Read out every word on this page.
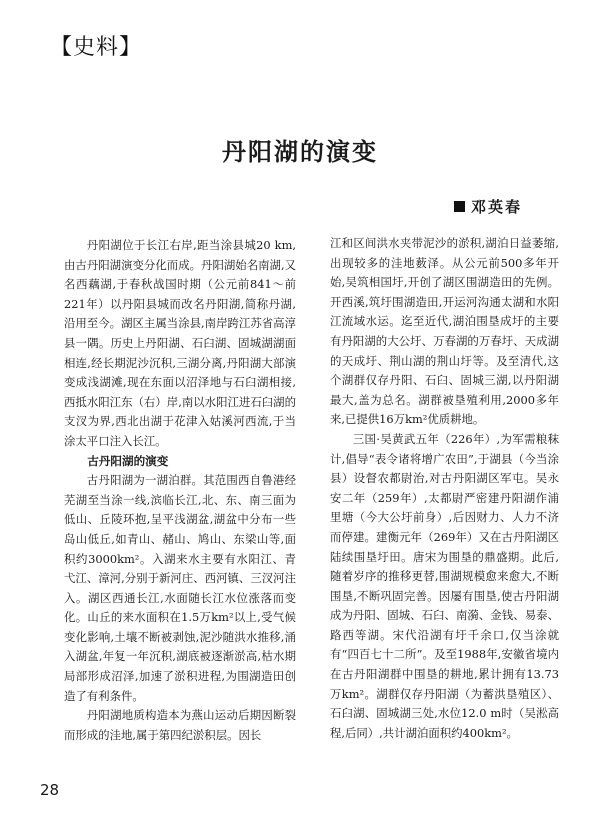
【史料】
丹阳湖的演变
邓英春

丹阳湖位于长江右岸,距当涂县城20 km,由古丹阳湖演变分化而成。丹阳湖始名南湖,又名西藕湖,于春秋战国时期（公元前841～前221年）以丹阳县城而改名丹阳湖,简称丹湖,沿用至今。湖区主属当涂县,南岸跨江苏省高淳县一隅。历史上丹阳湖、石臼湖、固城湖湖面相连,经长期泥沙沉积,三湖分离,丹阳湖大部演变成浅湖滩,现在东面以沼泽地与石臼湖相接,西抵水阳江东（右）岸,南以水阳江进石臼湖的支汊为界,西北出湖于花津入姑溪河西流,于当涂太平口注入长江。

古丹阳湖的演变

古丹阳湖为一湖泊群。其范围西自鲁港经芜湖至当涂一线,滨临长江,北、东、南三面为低山、丘陵环抱,呈平浅湖盆,湖盆中分布一些岛山低丘,如青山、赭山、鸠山、东梁山等,面积约3000km²。入湖来水主要有水阳江、青弋江、漳河,分别于新河庄、西河镇、三汊河注入。湖区西通长江,水面随长江水位涨落而变化。山丘的来水面积在1.5万km²以上,受气候变化影响,土壤不断被剥蚀,泥沙随洪水推移,涌入湖盆,年复一年沉积,湖底被逐渐淤高,枯水期局部形成沼泽,加速了淤积进程,为围湖造田创造了有利条件。

丹阳湖地质构造本为燕山运动后期因断裂而形成的洼地,属于第四纪淤积层。因长

江和区间洪水夹带泥沙的淤积,湖泊日益萎缩,出现较多的洼地薮泽。从公元前500多年开始,吴筑相国圩,开创了湖区围湖造田的先例。开西溪,筑圩围湖造田,开运河沟通太湖和水阳江流域水运。迄至近代,湖泊围垦成圩的主要有丹阳湖的大公圩、万春湖的万春圩、天成湖的天成圩、荆山湖的荆山圩等。及至清代,这个湖群仅存丹阳、石臼、固城三湖,以丹阳湖最大,盖为总名。湖群被垦殖利用,2000多年来,已提供16万km²优质耕地。

三国·吴黄武五年（226年）,为军需粮秣计,倡导“表令诸将增广农田”,于湖县（今当涂县）设督农都尉治,对古丹阳湖区军屯。吴永安二年（259年）,太都尉严密建丹阳湖作浦里塘（今大公圩前身）,后因财力、人力不济而停建。建衡元年（269年）又在古丹阳湖区陆续围垦圩田。唐宋为围垦的鼎盛期。此后,随着岁序的推移更替,围湖规模愈来愈大,不断围垦,不断巩固完善。因屡有围垦,使古丹阳湖成为丹阳、固城、石臼、南漪、金钱、易泰、路西等湖。宋代沿湖有圩千余口,仅当涂就有“四百七十二所”。及至1988年,安徽省境内在古丹阳湖群中围垦的耕地,累计拥有13.73万km²。湖群仅存丹阳湖（为蓄洪垦殖区）、石臼湖、固城湖三处,水位12.0 m时（吴淞高程,后同）,共计湖泊面积约400km²。

28
